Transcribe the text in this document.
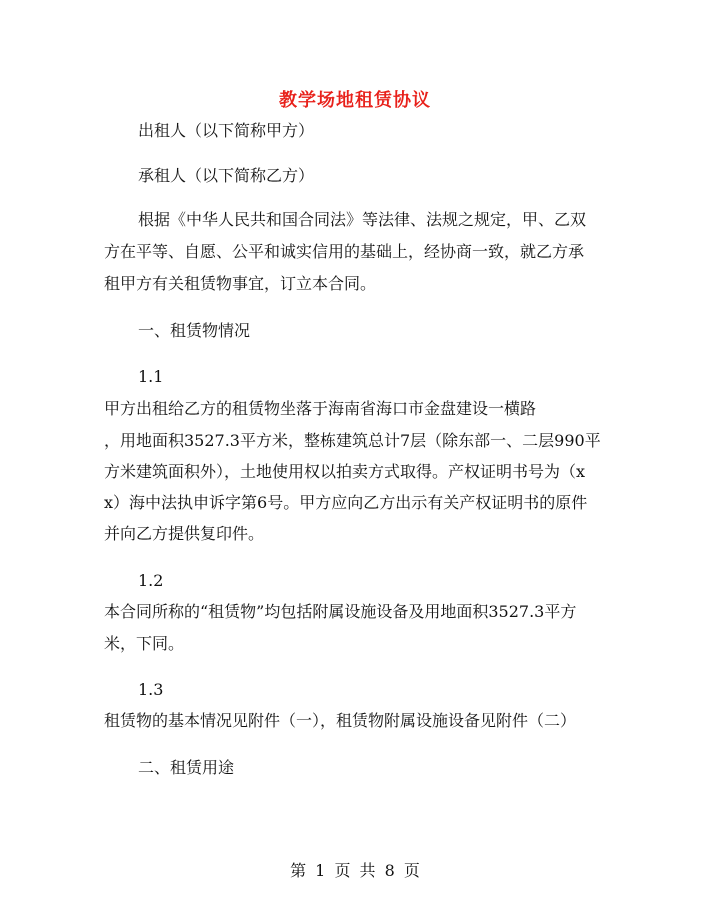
教学场地租赁协议
出租人（以下简称甲方）
承租人（以下简称乙方）
根据《中华人民共和国合同法》等法律、法规之规定，甲、乙双
方在平等、自愿、公平和诚实信用的基础上，经协商一致，就乙方承
租甲方有关租赁物事宜，订立本合同。
一、租赁物情况
1.1
甲方出租给乙方的租赁物坐落于海南省海口市金盘建设一横路
，用地面积3527.3平方米，整栋建筑总计7层（除东部一、二层990平
方米建筑面积外），土地使用权以拍卖方式取得。产权证明书号为（x
x）海中法执申诉字第6号。甲方应向乙方出示有关产权证明书的原件
并向乙方提供复印件。
1.2
本合同所称的“租赁物”均包括附属设施设备及用地面积3527.3平方
米，下同。
1.3
租赁物的基本情况见附件（一），租赁物附属设施设备见附件（二）
二、租赁用途
第 1 页 共 8 页
